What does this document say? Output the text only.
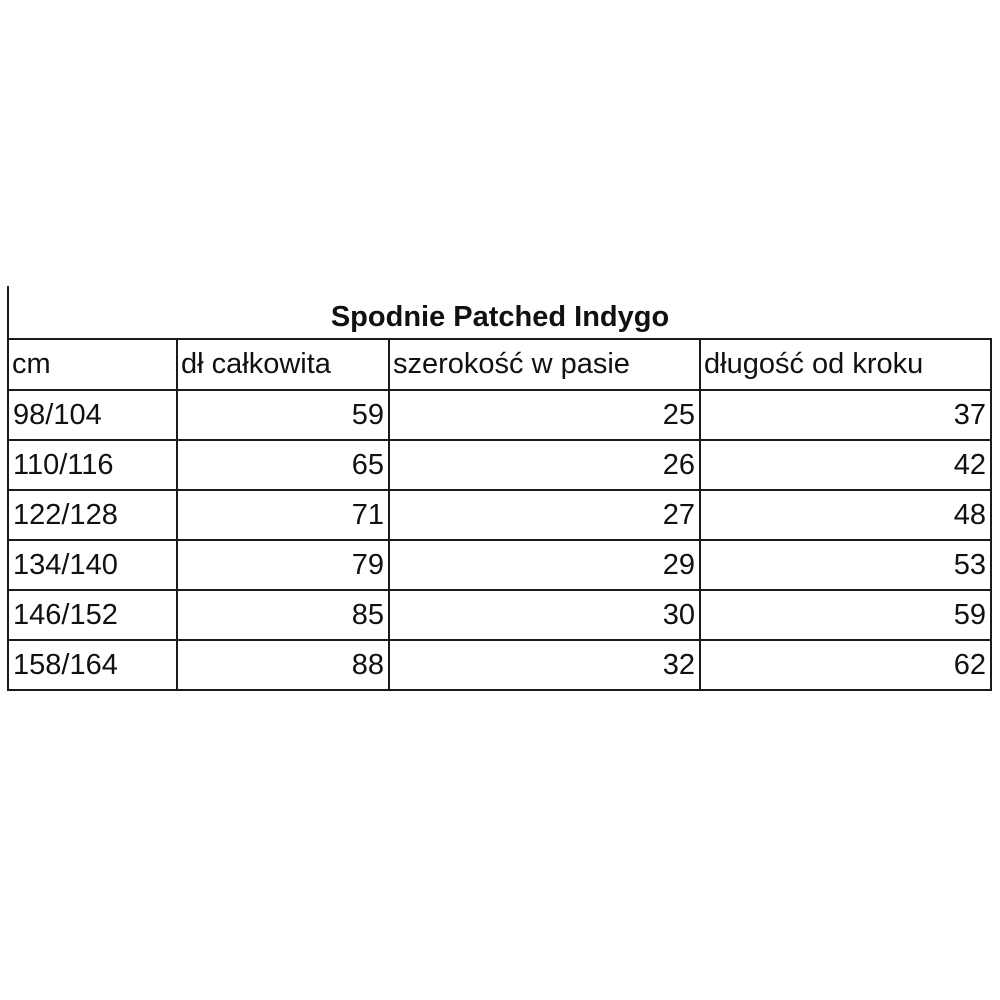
Spodnie Patched Indygo			
cm	dł całkowita	szerokość w pasie	długość od kroku
98/104	59	25	37
110/116	65	26	42
122/128	71	27	48
134/140	79	29	53
146/152	85	30	59
158/164	88	32	62
